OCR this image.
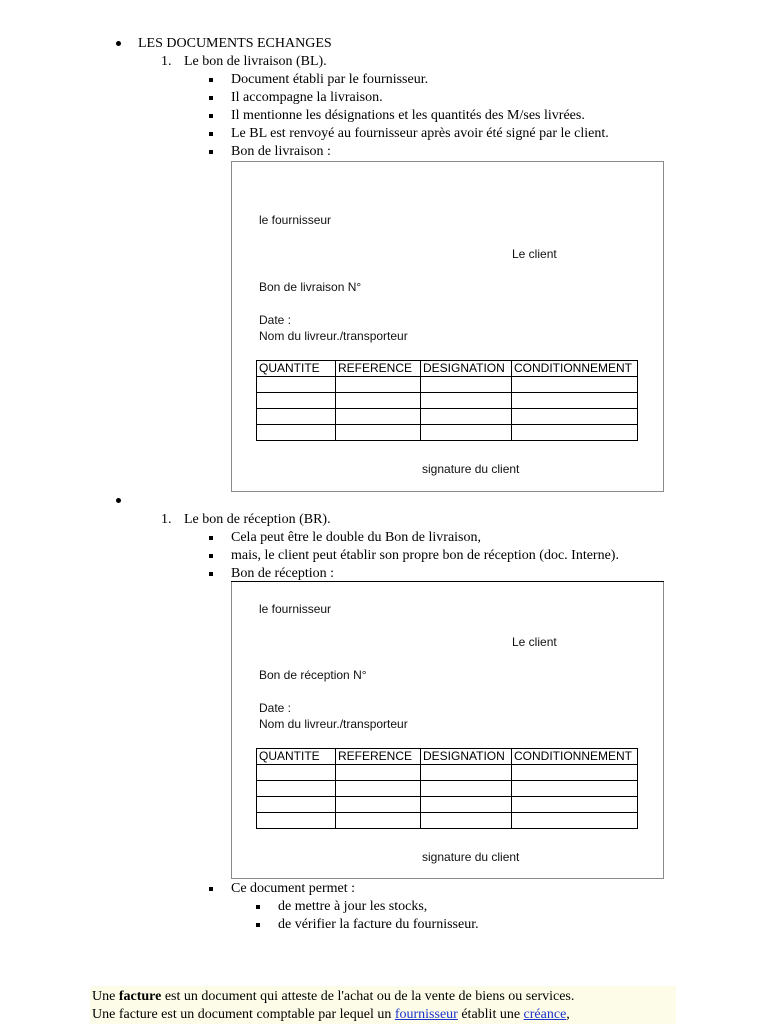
LES DOCUMENTS ECHANGES
1. Le bon de livraison (BL).
Document établi par le fournisseur.
Il accompagne la livraison.
Il mentionne les désignations et les quantités des M/ses livrées.
Le BL est renvoyé au fournisseur après avoir été signé par le client.
Bon de livraison :
le fournisseur
Le client
Bon de livraison N°
Date :
Nom du livreur./transporteur
QUANTITE	REFERENCE	DESIGNATION	CONDITIONNEMENT

signature du client
1. Le bon de réception (BR).
Cela peut être le double du Bon de livraison,
mais, le client peut établir son propre bon de réception (doc. Interne).
Bon de réception :
le fournisseur
Le client
Bon de réception N°
Date :
Nom du livreur./transporteur
QUANTITE	REFERENCE	DESIGNATION	CONDITIONNEMENT

signature du client
Ce document permet :
de mettre à jour les stocks,
de vérifier la facture du fournisseur.
Une facture est un document qui atteste de l'achat ou de la vente de biens ou services.
Une facture est un document comptable par lequel un fournisseur établit une créance,
